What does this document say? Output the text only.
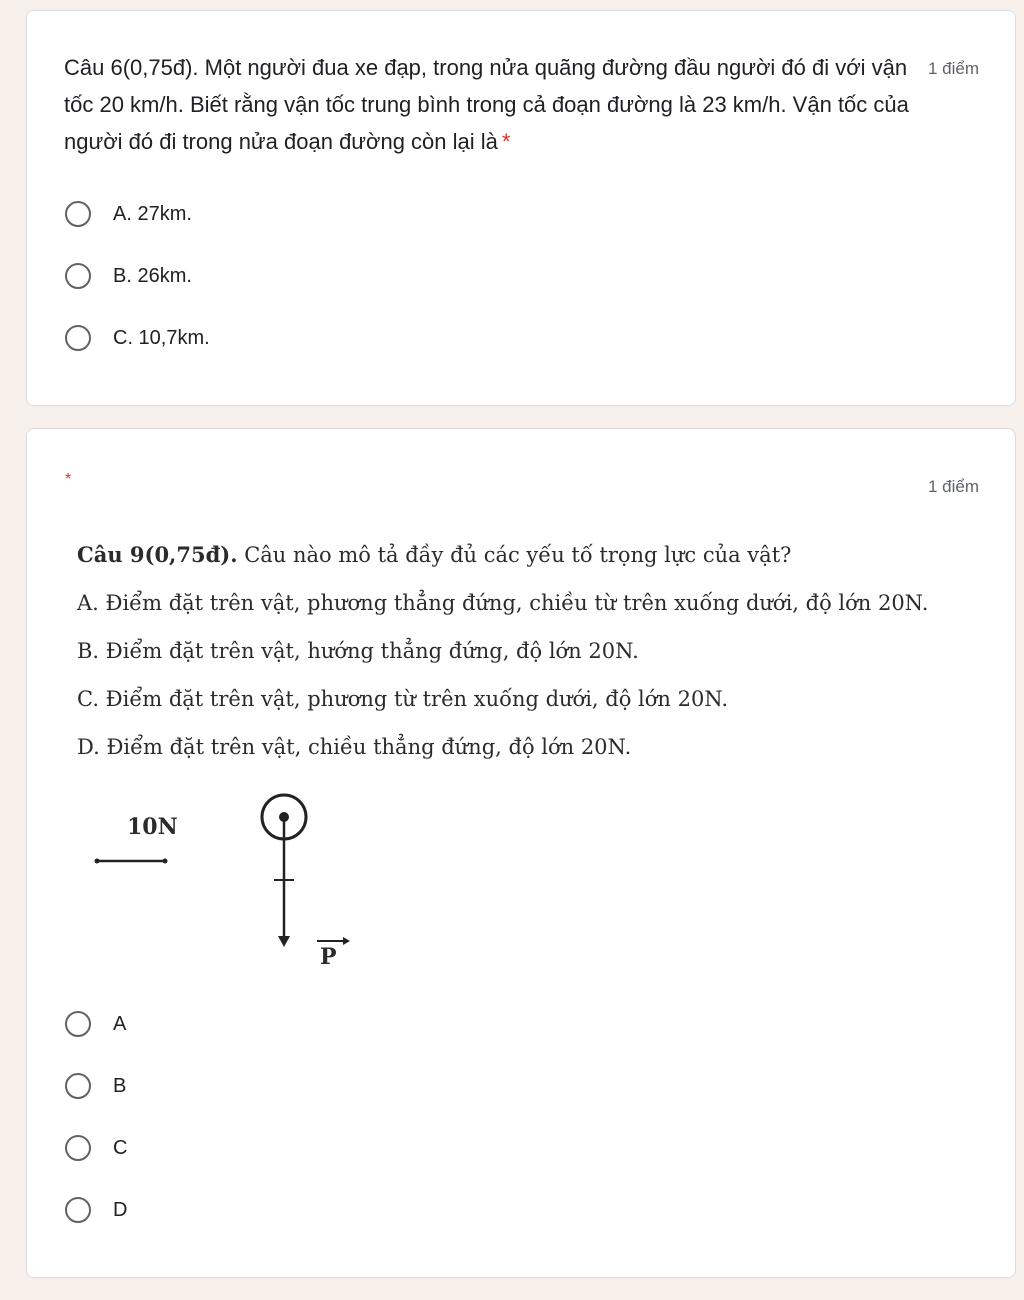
Câu 6(0,75đ). Một người đua xe đạp, trong nửa quãng đường đầu người đó đi với vận tốc 20 km/h. Biết rằng vận tốc trung bình trong cả đoạn đường là 23 km/h. Vận tốc của người đó đi trong nửa đoạn đường còn lại là *
1 điểm
A. 27km.
B. 26km.
C. 10,7km.
*	1 điểm
Câu 9(0,75đ). Câu nào mô tả đầy đủ các yếu tố trọng lực của vật?
A. Điểm đặt trên vật, phương thẳng đứng, chiều từ trên xuống dưới, độ lớn 20N.
B. Điểm đặt trên vật, hướng thẳng đứng, độ lớn 20N.
C. Điểm đặt trên vật, phương từ trên xuống dưới, độ lớn 20N.
D. Điểm đặt trên vật, chiều thẳng đứng, độ lớn 20N.
10N
P
A
B
C
D
